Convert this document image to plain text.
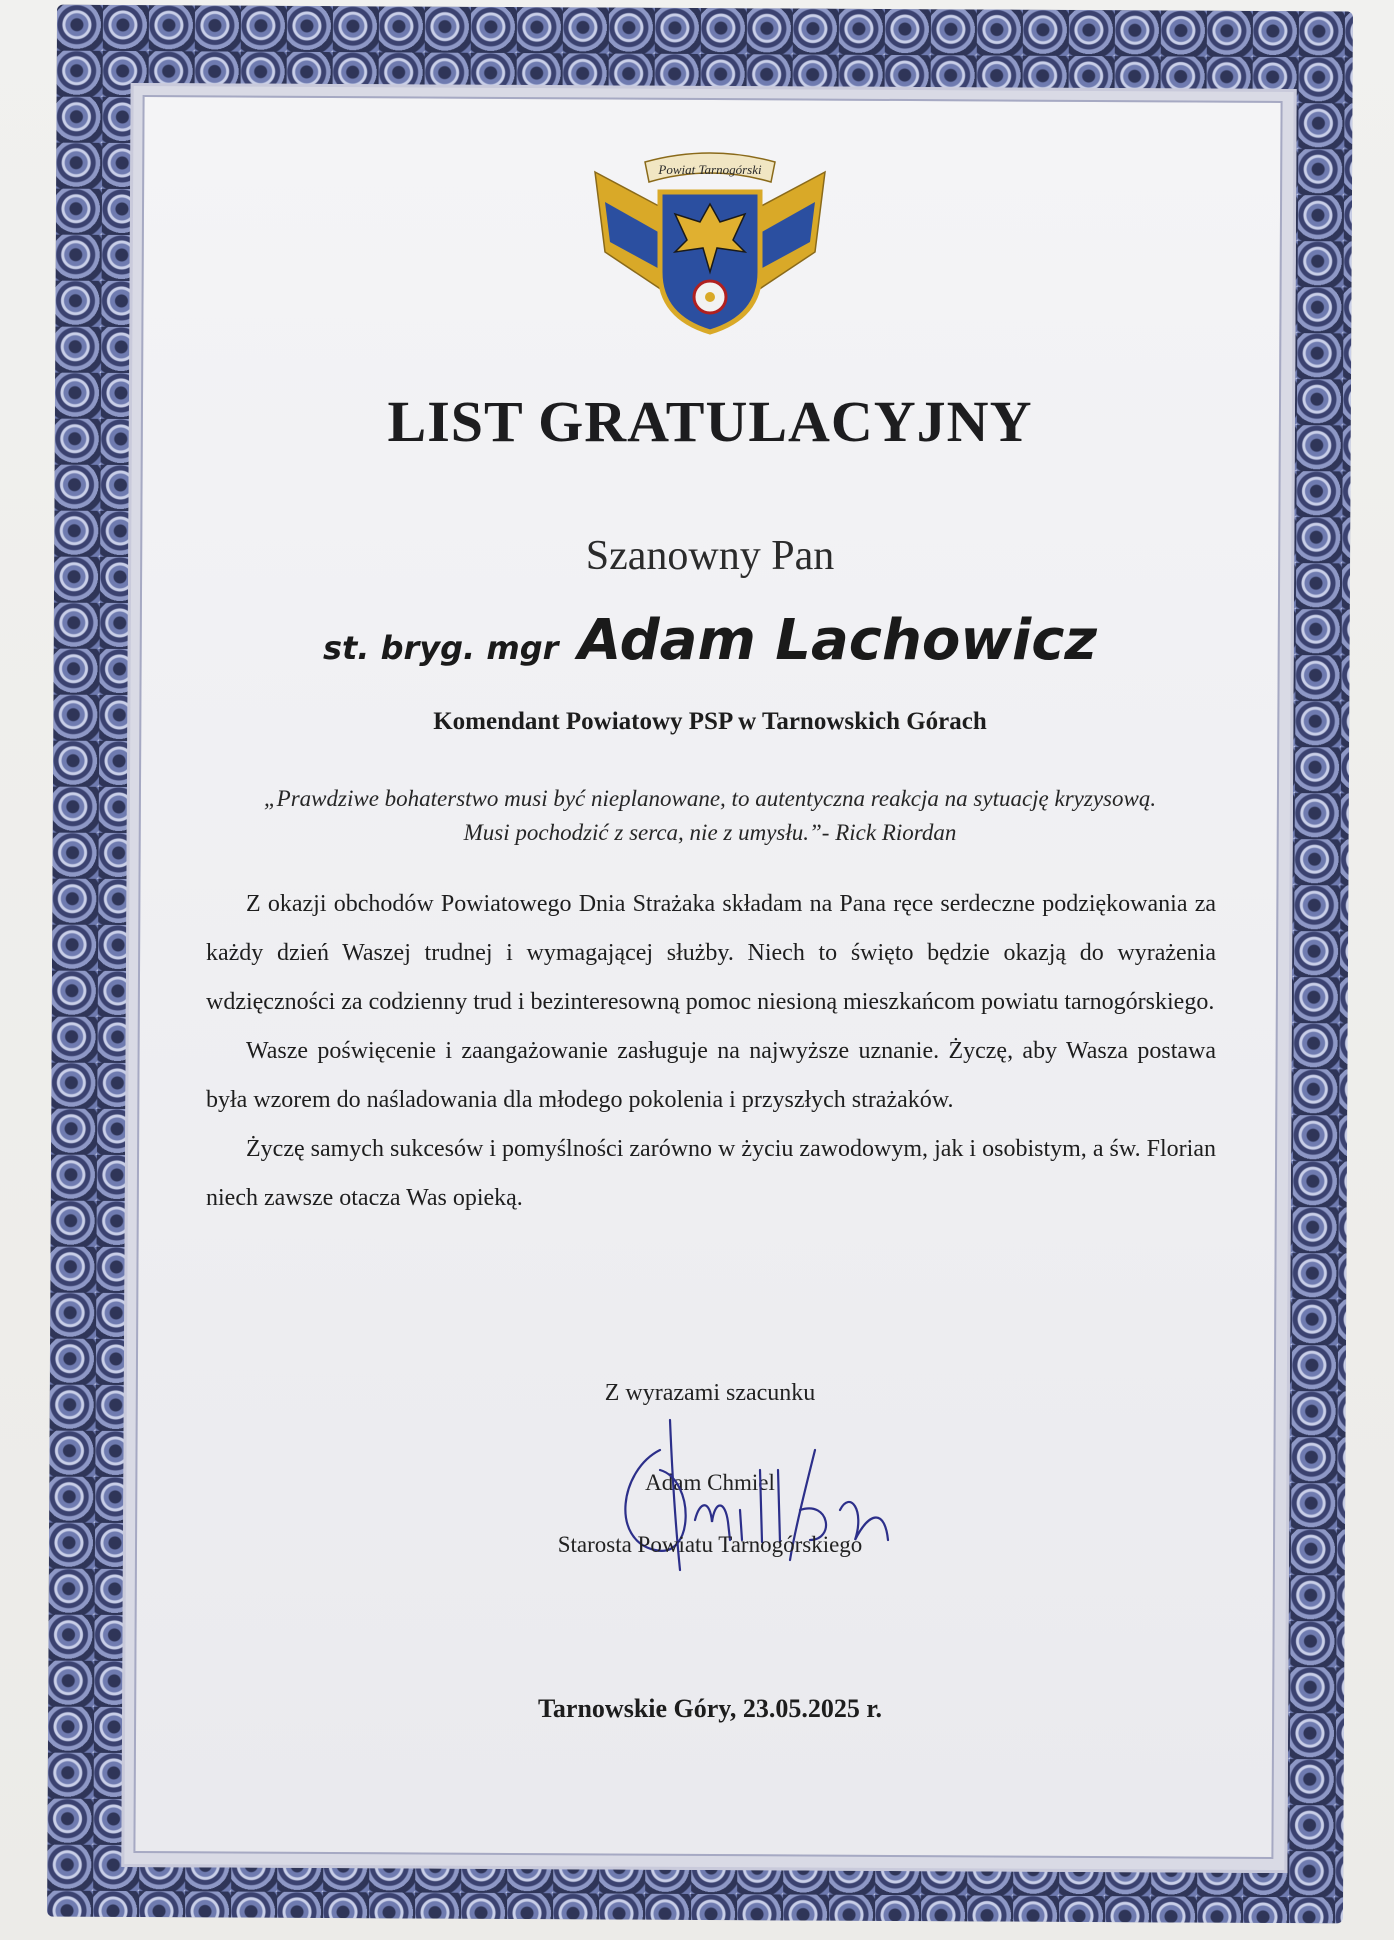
Powiat Tarnogórski
LIST GRATULACYJNY
Szanowny Pan
st. bryg. mgr Adam Lachowicz
Komendant Powiatowy PSP w Tarnowskich Górach
„Prawdziwe bohaterstwo musi być nieplanowane, to autentyczna reakcja na sytuację kryzysową.
Musi pochodzić z serca, nie z umysłu.”- Rick Riordan

Z okazji obchodów Powiatowego Dnia Strażaka składam na Pana ręce serdeczne podziękowania za każdy dzień Waszej trudnej i wymagającej służby. Niech to święto będzie okazją do wyrażenia wdzięczności za codzienny trud i bezinteresowną pomoc niesioną mieszkańcom powiatu tarnogórskiego.

Wasze poświęcenie i zaangażowanie zasługuje na najwyższe uznanie. Życzę, aby Wasza postawa była wzorem do naśladowania dla młodego pokolenia i przyszłych strażaków.

Życzę samych sukcesów i pomyślności zarówno w życiu zawodowym, jak i osobistym, a św. Florian niech zawsze otacza Was opieką.

Z wyrazami szacunku
Adam Chmiel
Starosta Powiatu Tarnogórskiego
Tarnowskie Góry, 23.05.2025 r.
